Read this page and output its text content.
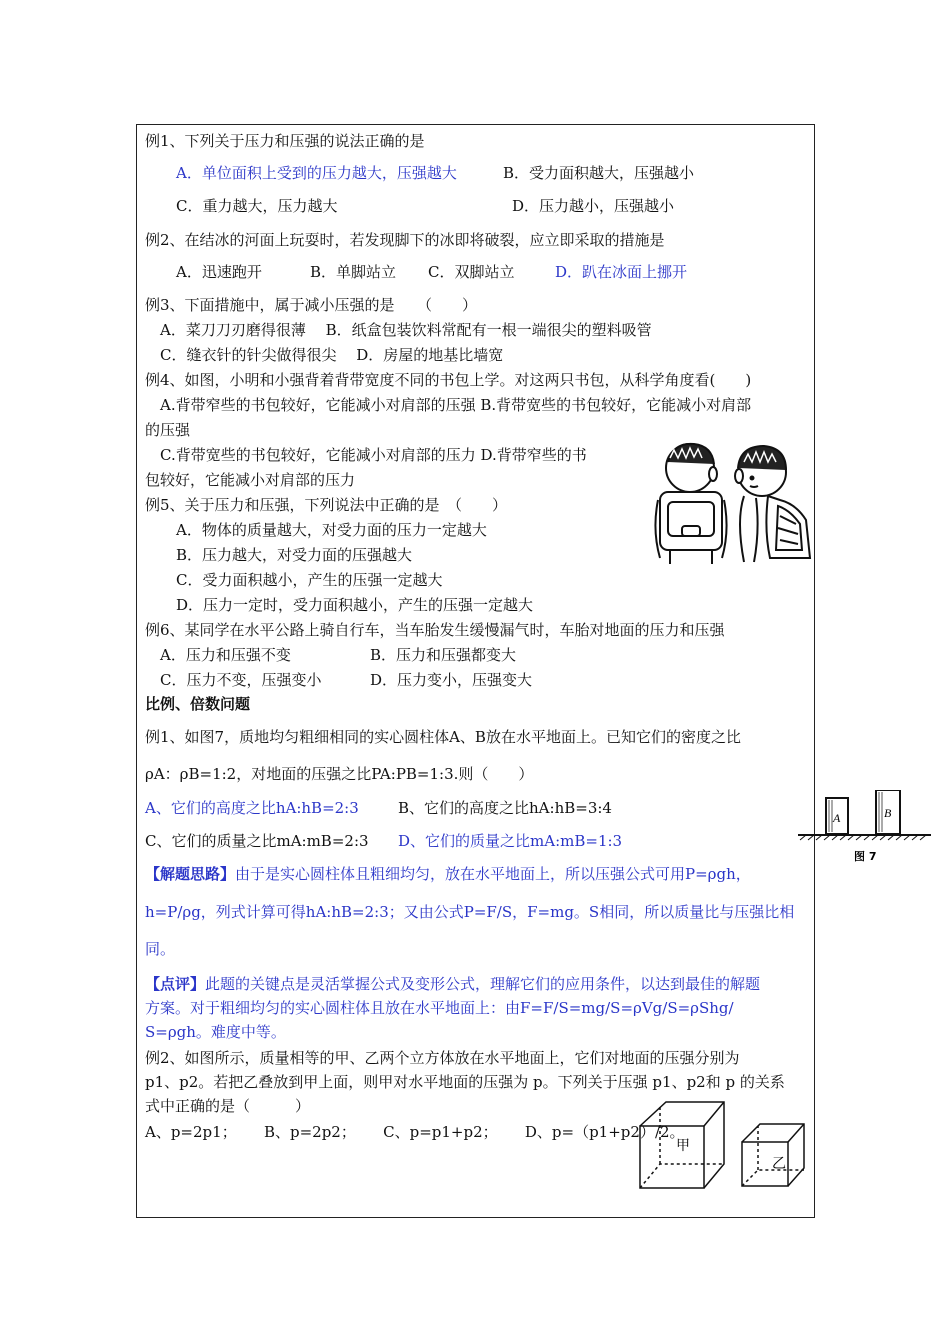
例1、下列关于压力和压强的说法正确的是
A．单位面积上受到的压力越大，压强越大	B．受力面积越大，压强越小
C．重力越大，压力越大	D．压力越小，压强越小
例2、在结冰的河面上玩耍时，若发现脚下的冰即将破裂，应立即采取的措施是
A．迅速跑开	B．单脚站立 C．双脚站立	D．趴在冰面上挪开
例3、下面措施中，属于减小压强的是　　（　　）
A．菜刀刀刃磨得很薄　 B．纸盒包装饮料常配有一根一端很尖的塑料吸管
C．缝衣针的针尖做得很尖　 D．房屋的地基比墙宽
例4、如图，小明和小强背着背带宽度不同的书包上学。对这两只书包，从科学角度看(　　)
A.背带窄些的书包较好，它能减小对肩部的压强 B.背带宽些的书包较好，它能减小对肩部
的压强
C.背带宽些的书包较好，它能减小对肩部的压力 D.背带窄些的书
包较好，它能减小对肩部的压力
例5、关于压力和压强，下列说法中正确的是　（　　）
A．物体的质量越大，对受力面的压力一定越大
B．压力越大，对受力面的压强越大
C．受力面积越小，产生的压强一定越大
D．压力一定时，受力面积越小，产生的压强一定越大
例6、某同学在水平公路上骑自行车，当车胎发生缓慢漏气时，车胎对地面的压力和压强
A．压力和压强不变	B．压力和压强都变大
C．压力不变，压强变小	D．压力变小，压强变大
比例、倍数问题
例1、如图7，质地均匀粗细相同的实心圆柱体A、B放在水平地面上。已知它们的密度之比
ρA：ρB=1:2，对地面的压强之比PA:PB=1:3.则（　　）
A、它们的高度之比hA:hB=2:3	B、它们的高度之比hA:hB=3:4
C、它们的质量之比mA:mB=2:3 D、它们的质量之比mA:mB=1:3
A	B
图 7
【解题思路】由于是实心圆柱体且粗细均匀，放在水平地面上，所以压强公式可用P=ρgh，
h=P/ρg，列式计算可得hA:hB=2:3；又由公式P=F/S，F=mg。S相同，所以质量比与压强比相
同。
【点评】此题的关键点是灵活掌握公式及变形公式，理解它们的应用条件，以达到最佳的解题
方案。对于粗细均匀的实心圆柱体且放在水平地面上：由F=F/S=mg/S=ρVg/S=ρShg/
S=ρgh。难度中等。
例2、如图所示，质量相等的甲、乙两个立方体放在水平地面上，它们对地面的压强分别为
p1、p2。若把乙叠放到甲上面，则甲对水平地面的压强为 p。下列关于压强 p1、p2和 p 的关系
式中正确的是（　　　）
A、p=2p1；　　 B、p=2p2；　　 C、p=p1+p2；　　 D、p=（p1+p2）/2。
甲
乙
